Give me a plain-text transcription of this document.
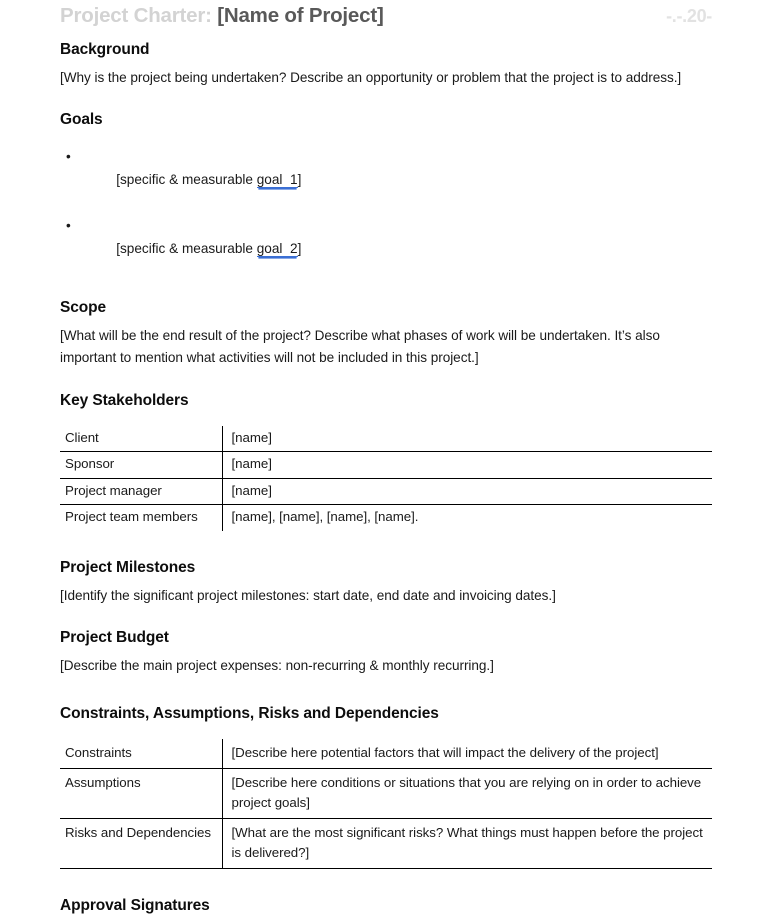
Project Charter: [Name of Project]
	-.-.20-
Background

[Why is the project being undertaken? Describe an opportunity or problem that the project is to address.]

Goals

•
[specific & measurable goal  1]

•
[specific & measurable goal  2]

Scope

[What will be the end result of the project? Describe what phases of work will be undertaken. It’s also important to mention what activities will not be included in this project.]

Key Stakeholders
Client	[name]
Sponsor	[name]
Project manager	[name]
Project team members	[name], [name], [name], [name].
Project Milestones

[Identify the significant project milestones: start date, end date and invoicing dates.]

Project Budget

[Describe the main project expenses: non-recurring & monthly recurring.]

Constraints, Assumptions, Risks and Dependencies
Constraints	[Describe here potential factors that will impact the delivery of the project]
Assumptions	[Describe here conditions or situations that you are relying on in order to achieve project goals]
Risks and Dependencies	[What are the most significant risks? What things must happen before the project is delivered?]
Approval Signatures
